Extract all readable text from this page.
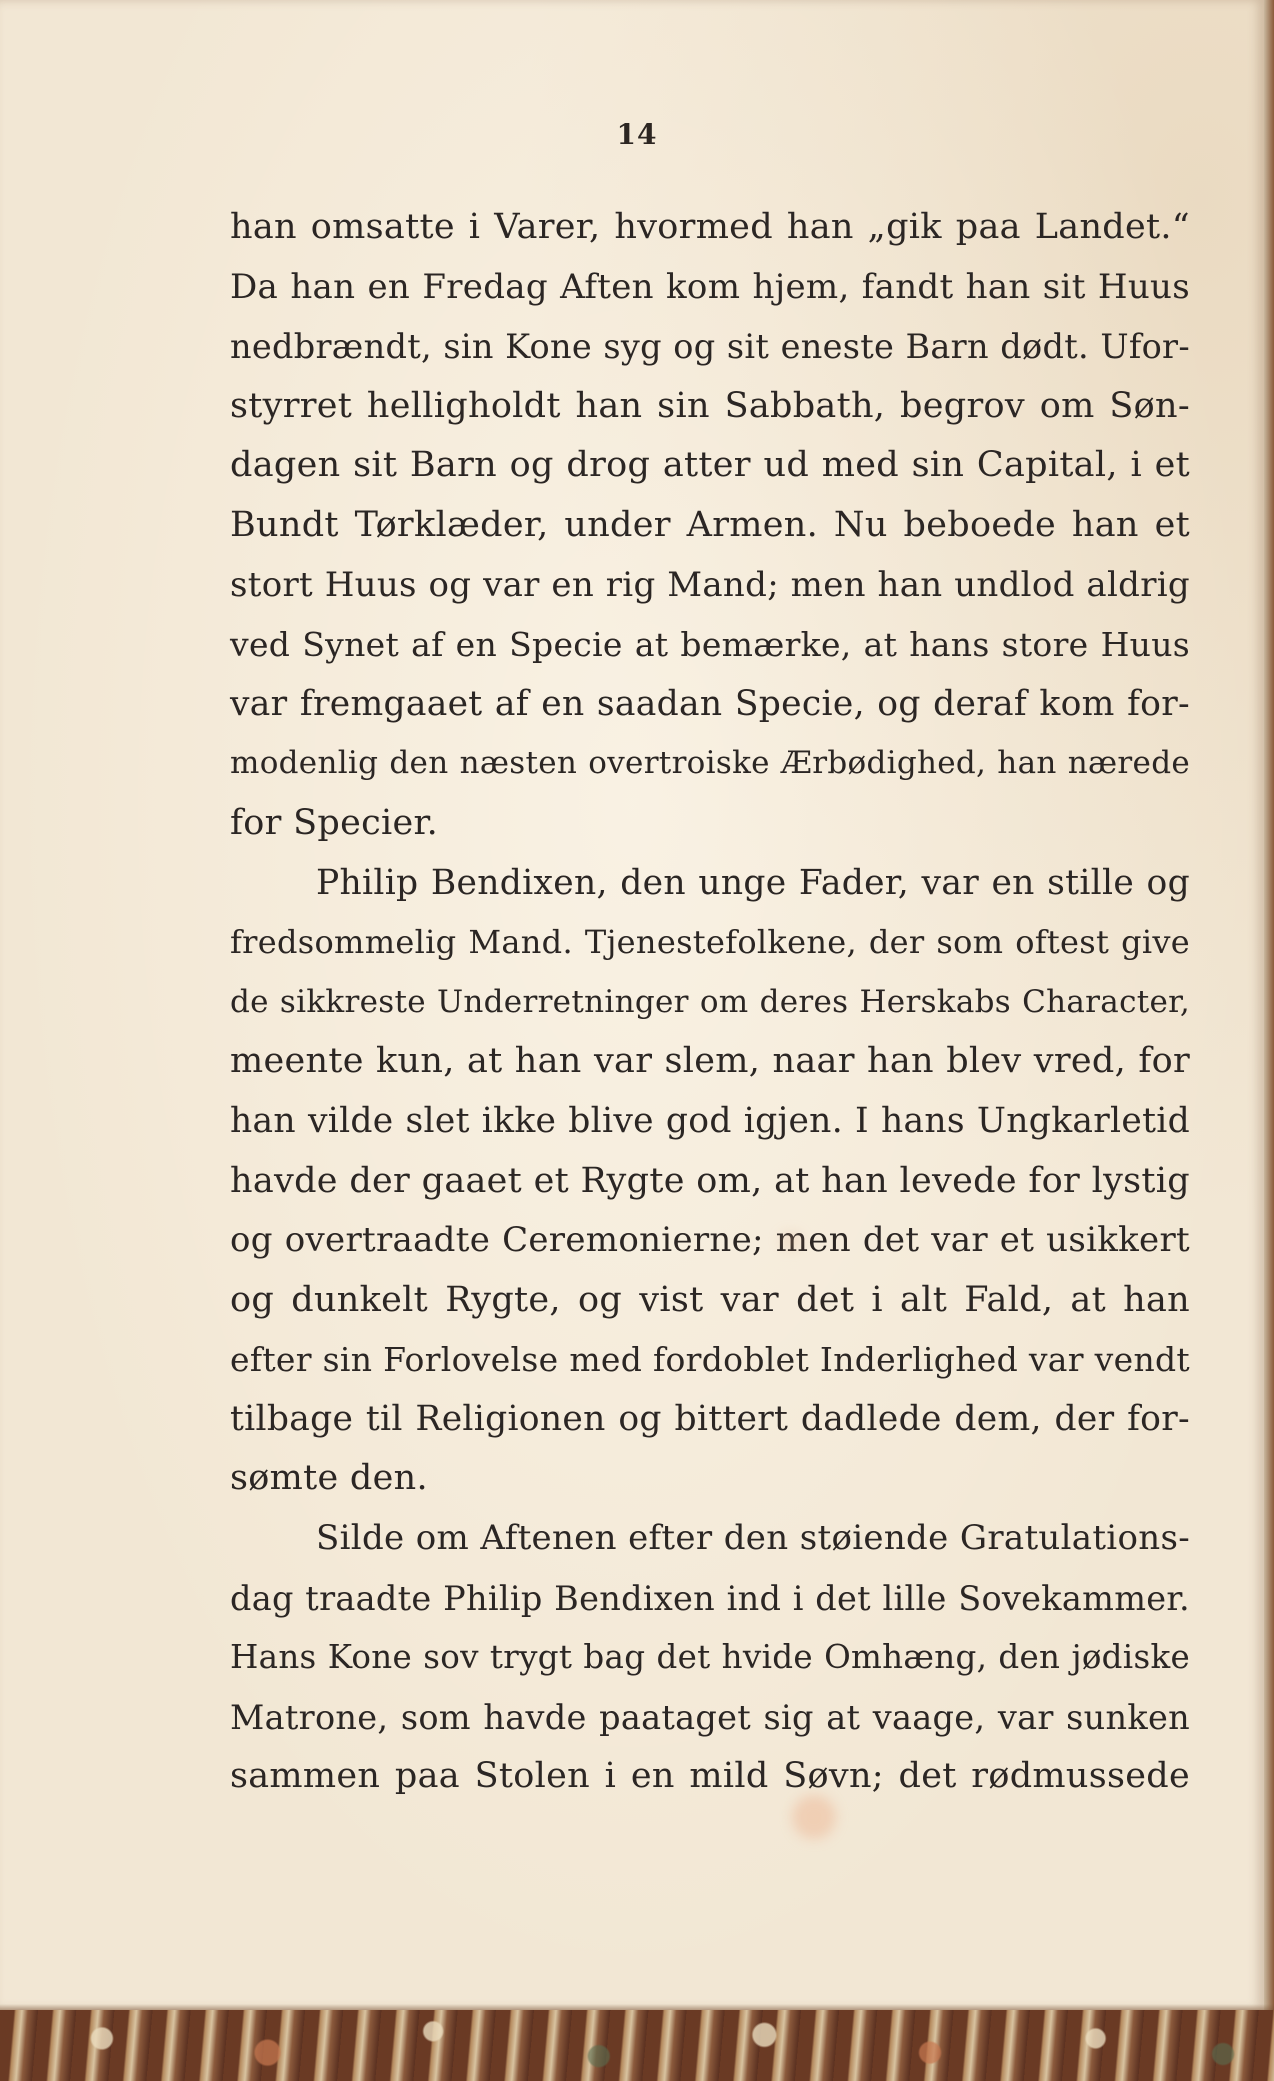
14
han omsatte i Varer, hvormed han „gik paa Landet.“
Da han en Fredag Aften kom hjem, fandt han sit Huus
nedbrændt, sin Kone syg og sit eneste Barn dødt. Ufor-
styrret helligholdt han sin Sabbath, begrov om Søn-
dagen sit Barn og drog atter ud med sin Capital, i et
Bundt Tørklæder, under Armen. Nu beboede han et
stort Huus og var en rig Mand; men han undlod aldrig
ved Synet af en Specie at bemærke, at hans store Huus
var fremgaaet af en saadan Specie, og deraf kom for-
modenlig den næsten overtroiske Ærbødighed, han nærede
for Specier.
Philip Bendixen, den unge Fader, var en stille og
fredsommelig Mand. Tjenestefolkene, der som oftest give
de sikkreste Underretninger om deres Herskabs Character,
meente kun, at han var slem, naar han blev vred, for
han vilde slet ikke blive god igjen. I hans Ungkarletid
havde der gaaet et Rygte om, at han levede for lystig
og overtraadte Ceremonierne; men det var et usikkert
og dunkelt Rygte, og vist var det i alt Fald, at han
efter sin Forlovelse med fordoblet Inderlighed var vendt
tilbage til Religionen og bittert dadlede dem, der for-
sømte den.
Silde om Aftenen efter den støiende Gratulations-
dag traadte Philip Bendixen ind i det lille Sovekammer.
Hans Kone sov trygt bag det hvide Omhæng, den jødiske
Matrone, som havde paataget sig at vaage, var sunken
sammen paa Stolen i en mild Søvn; det rødmussede
